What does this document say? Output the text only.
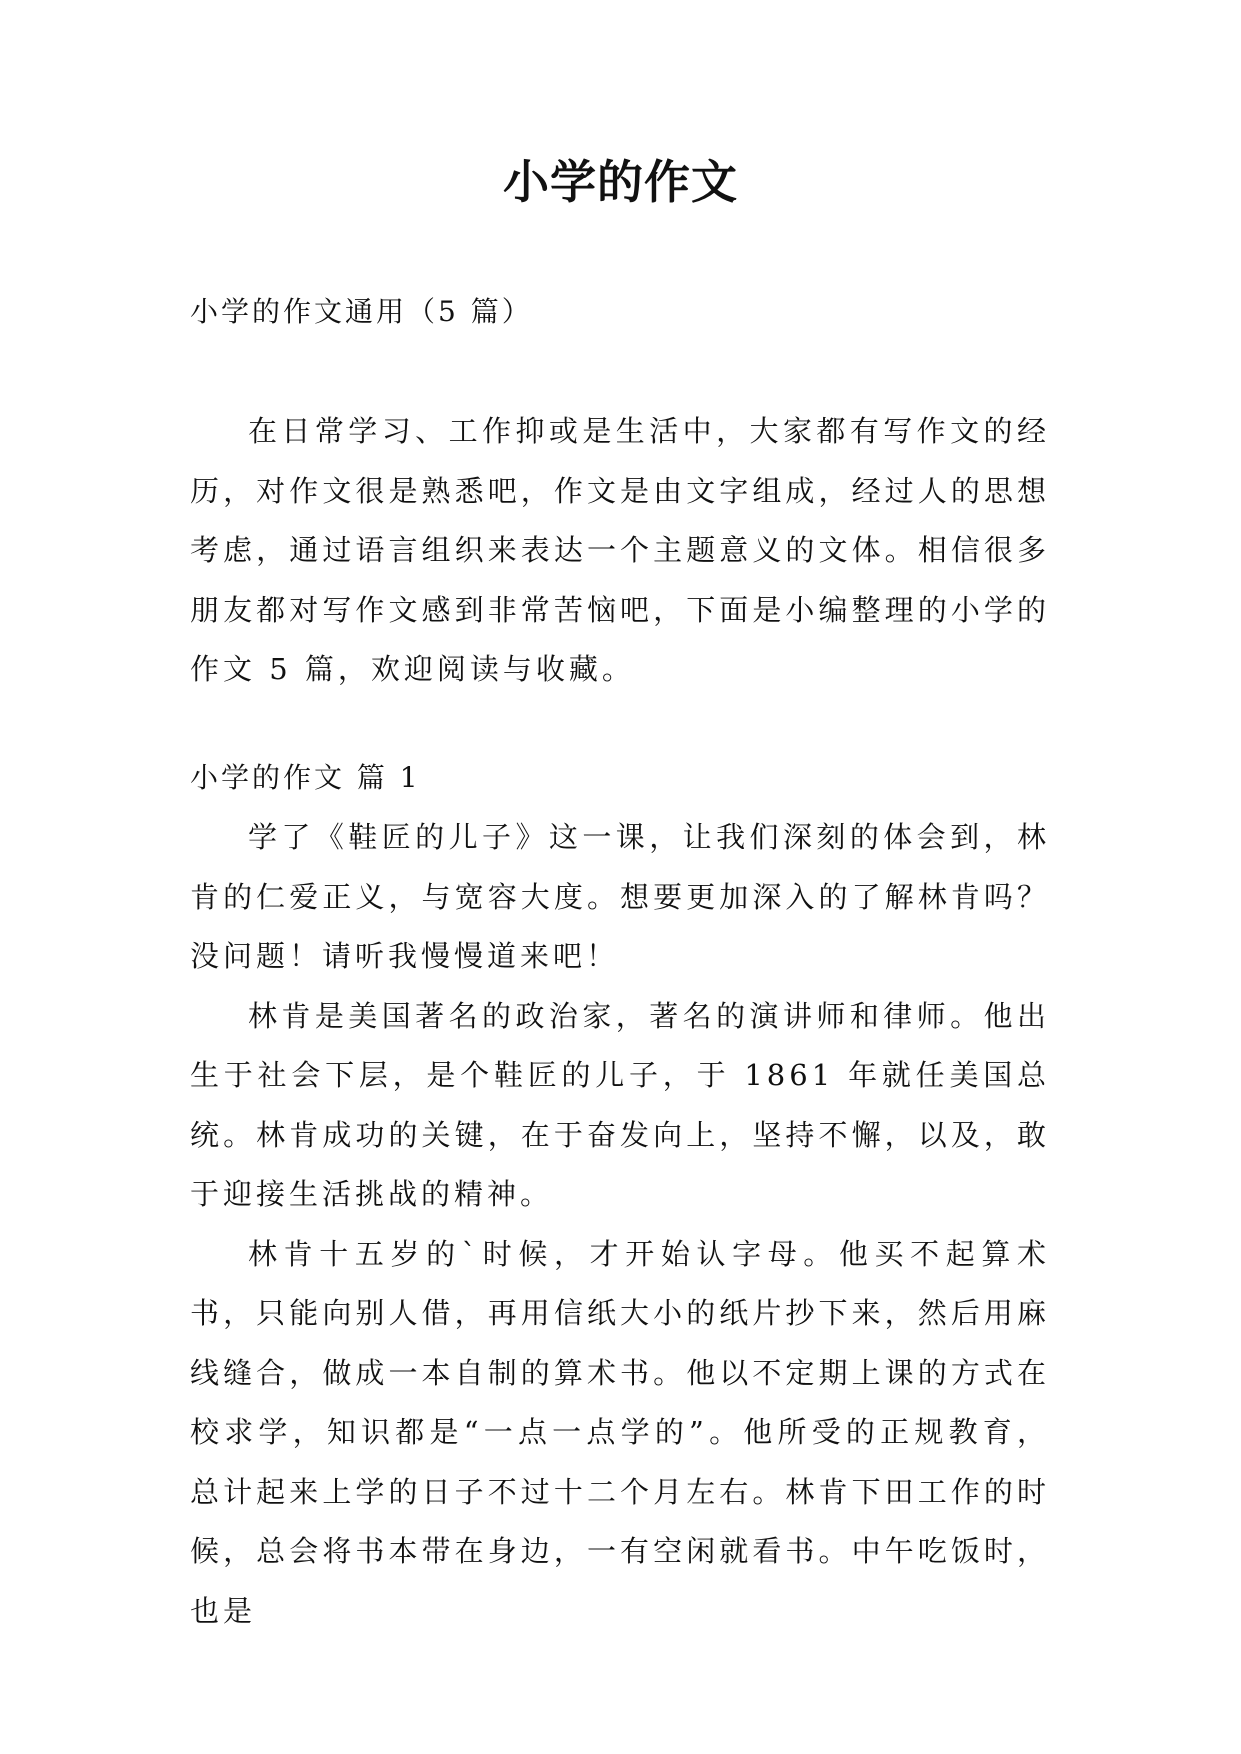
小学的作文
小学的作文通用（5 篇）

在日常学习、工作抑或是生活中，大家都有写作文的经历，对作文很是熟悉吧，作文是由文字组成，经过人的思想考虑，通过语言组织来表达一个主题意义的文体。相信很多朋友都对写作文感到非常苦恼吧，下面是小编整理的小学的作文 5 篇，欢迎阅读与收藏。

小学的作文 篇 1

学了《鞋匠的儿子》这一课，让我们深刻的体会到，林肯的仁爱正义，与宽容大度。想要更加深入的了解林肯吗？没问题！请听我慢慢道来吧！

林肯是美国著名的政治家，著名的演讲师和律师。他出生于社会下层，是个鞋匠的儿子，于 1861 年就任美国总统。林肯成功的关键，在于奋发向上，坚持不懈，以及，敢于迎接生活挑战的精神。

林肯十五岁的`时候，才开始认字母。他买不起算术书，只能向别人借，再用信纸大小的纸片抄下来，然后用麻线缝合，做成一本自制的算术书。他以不定期上课的方式在校求学，知识都是“一点一点学的”。他所受的正规教育，总计起来上学的日子不过十二个月左右。林肯下田工作的时候，总会将书本带在身边，一有空闲就看书。中午吃饭时，也是
